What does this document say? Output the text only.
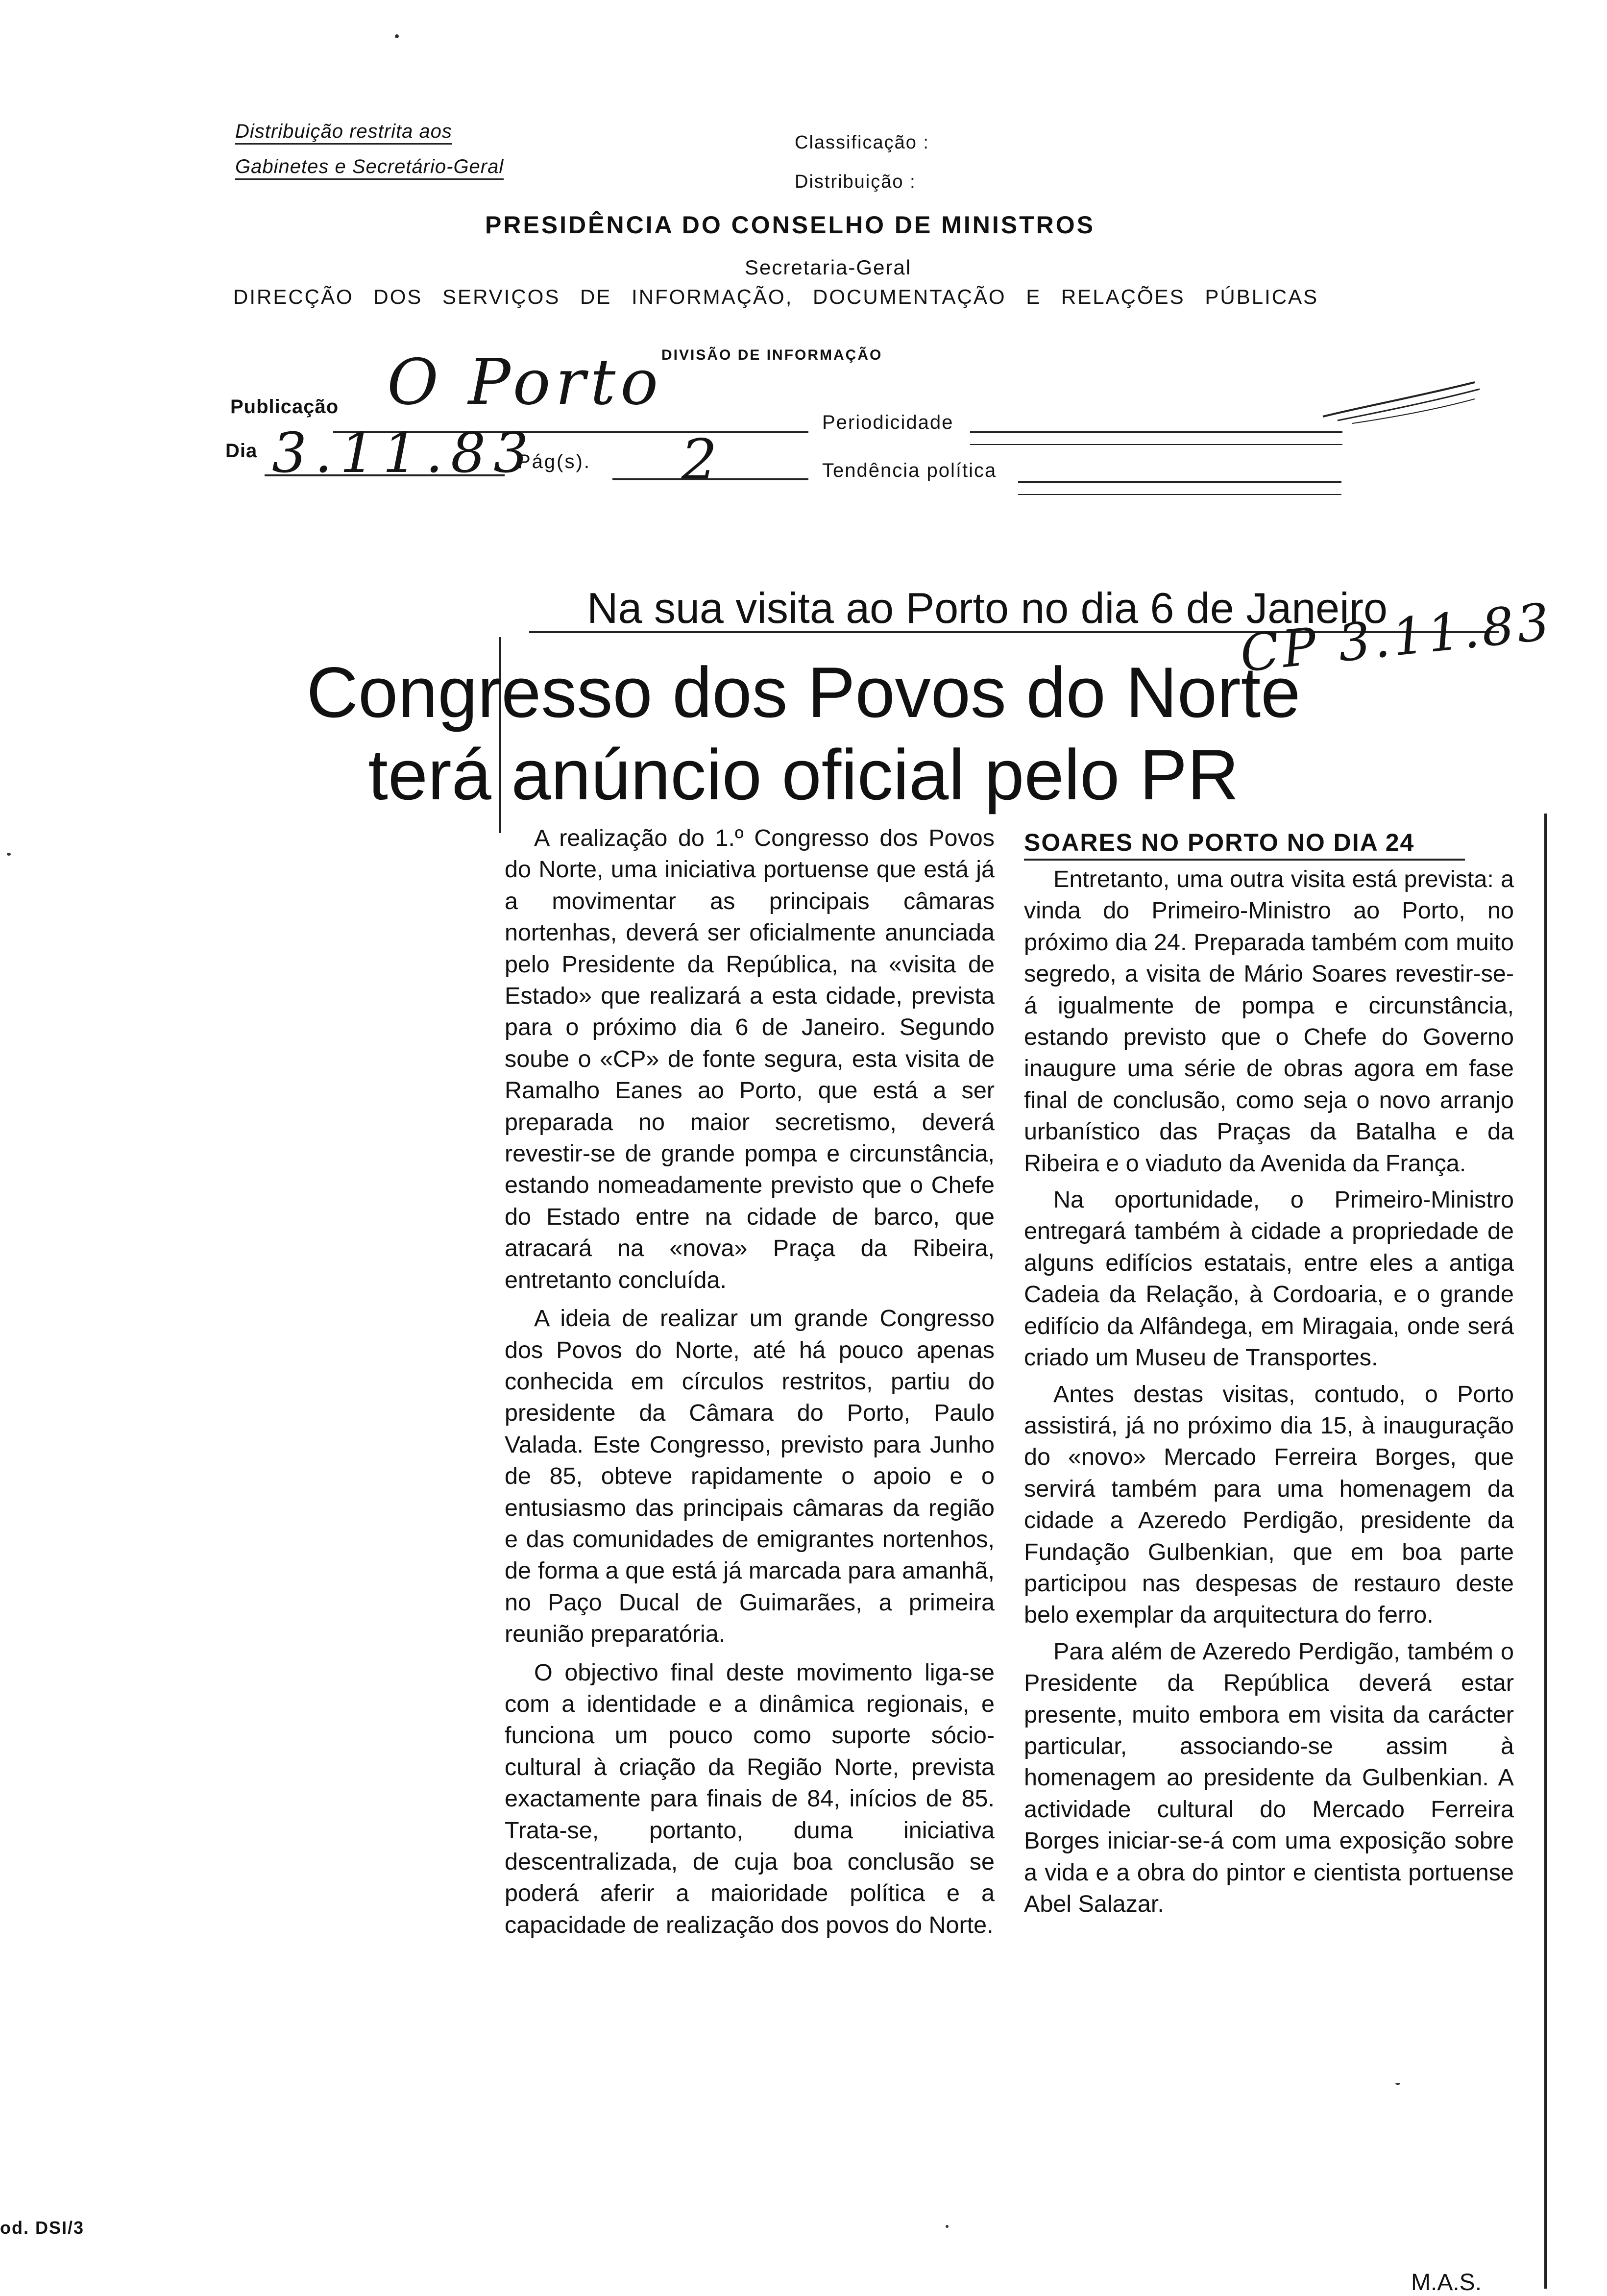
Distribuição restrita aos
Gabinetes e Secretário-Geral
Classificação :
Distribuição :
PRESIDÊNCIA DO CONSELHO DE MINISTROS
Secretaria-Geral
DIRECÇÃO DOS SERVIÇOS DE INFORMAÇÃO, DOCUMENTAÇÃO E RELAÇÕES PÚBLICAS
DIVISÃO DE INFORMAÇÃO
Publicação O Porto
Periodicidade
Dia 3.11.83
Pág(s). 2	Tendência política
Na sua visita ao Porto no dia 6 de Janeiro
Congresso dos Povos do Norte
terá anúncio oficial pelo PR
CP 3.11.83

A realização do 1.º Congresso dos Povos do Norte, uma iniciativa portuense que está já a movimentar as principais câmaras nortenhas, deverá ser oficialmente anunciada pelo Presidente da República, na «visita de Estado» que realizará a esta cidade, prevista para o próximo dia 6 de Janeiro. Segundo soube o «CP» de fonte segura, esta visita de Ramalho Eanes ao Porto, que está a ser preparada no maior secretismo, deverá revestir-se de grande pompa e circunstância, estando nomeadamente previsto que o Chefe do Estado entre na cidade de barco, que atracará na «nova» Praça da Ribeira, entretanto concluída.

A ideia de realizar um grande Congresso dos Povos do Norte, até há pouco apenas conhecida em círculos restritos, partiu do presidente da Câmara do Porto, Paulo Valada. Este Congresso, previsto para Junho de 85, obteve rapidamente o apoio e o entusiasmo das principais câmaras da região e das comunidades de emigrantes nortenhos, de forma a que está já marcada para amanhã, no Paço Ducal de Guimarães, a primeira reunião preparatória.

O objectivo final deste movimento liga-se com a identidade e a dinâmica regionais, e funciona um pouco como suporte sócio-cultural à criação da Região Norte, prevista exactamente para finais de 84, inícios de 85. Trata-se, portanto, duma iniciativa descentralizada, de cuja boa conclusão se poderá aferir a maioridade política e a capacidade de realização dos povos do Norte.

SOARES NO PORTO NO DIA 24

Entretanto, uma outra visita está prevista: a vinda do Primeiro-Ministro ao Porto, no próximo dia 24. Preparada também com muito segredo, a visita de Mário Soares revestir-se-á igualmente de pompa e circunstância, estando previsto que o Chefe do Governo inaugure uma série de obras agora em fase final de conclusão, como seja o novo arranjo urbanístico das Praças da Batalha e da Ribeira e o viaduto da Avenida da França.

Na oportunidade, o Primeiro-Ministro entregará também à cidade a propriedade de alguns edifícios estatais, entre eles a antiga Cadeia da Relação, à Cordoaria, e o grande edifício da Alfândega, em Miragaia, onde será criado um Museu de Transportes.

Antes destas visitas, contudo, o Porto assistirá, já no próximo dia 15, à inauguração do «novo» Mercado Ferreira Borges, que servirá também para uma homenagem da cidade a Azeredo Perdigão, presidente da Fundação Gulbenkian, que em boa parte participou nas despesas de restauro deste belo exemplar da arquitectura do ferro.

Para além de Azeredo Perdigão, também o Presidente da República deverá estar presente, muito embora em visita da carácter particular, associando-se assim à homenagem ao presidente da Gulbenkian. A actividade cultural do Mercado Ferreira Borges iniciar-se-á com uma exposição sobre a vida e a obra do pintor e cientista portuense Abel Salazar.

M.A.S.
od. DSI/3
